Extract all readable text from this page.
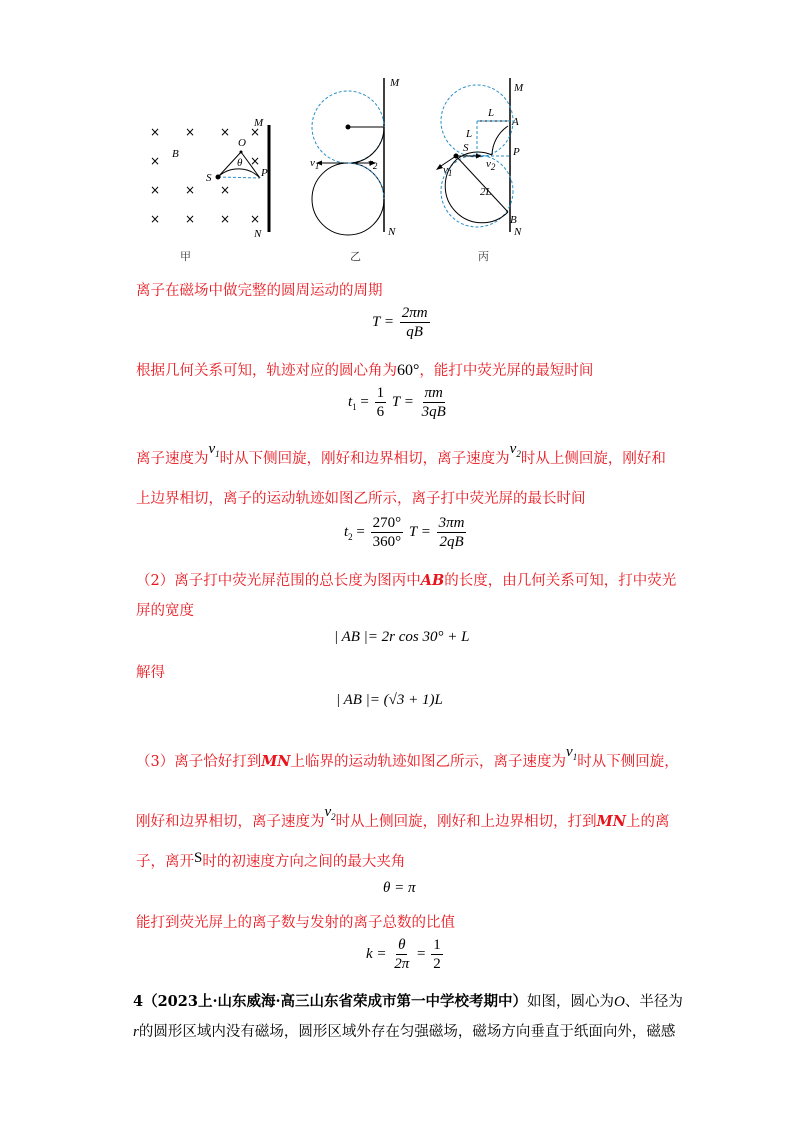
× × × ×
×	×
× × ×
× × × ×
M
N
B
O
θ
S	P
M
N
$v_1$	$v_2$
M
N
L
L
A
S	P
$v_2$
$v_1$
2L
B
甲	乙	丙
离子在磁场中做完整的圆周运动的周期
$T = \frac{2\pi m}{qB}$
根据几何关系可知，轨迹对应的圆心角为60°，能打中荧光屏的最短时间
$t_1 = \frac{1}{6}$ $T = \frac{\pi m}{3qB}$
离子速度为$v_1$时从下侧回旋，刚好和边界相切，离子速度为$v_2$时从上侧回旋，刚好和
上边界相切，离子的运动轨迹如图乙所示，离子打中荧光屏的最长时间
$t_2 = \frac{270^\circ}{360^\circ}$ $T = \frac{3\pi m}{2qB}$
（2）离子打中荧光屏范围的总长度为图丙中AB的长度，由几何关系可知，打中荧光
屏的宽度
| AB |= 2r cos 30° + L
解得
| AB |= (√3 + 1)L
（3）离子恰好打到MN上临界的运动轨迹如图乙所示，离子速度为$v_1$时从下侧回旋，
刚好和边界相切，离子速度为$v_2$时从上侧回旋，刚好和上边界相切，打到MN上的离
子，离开S时的初速度方向之间的最大夹角
θ = π
能打到荧光屏上的离子数与发射的离子总数的比值
$k = \frac{\theta}{2\pi} = \frac{1}{2}$
4（2023上·山东威海·高三山东省荣成市第一中学校考期中）如图，圆心为O、半径为
r的圆形区域内没有磁场，圆形区域外存在匀强磁场，磁场方向垂直于纸面向外，磁感
